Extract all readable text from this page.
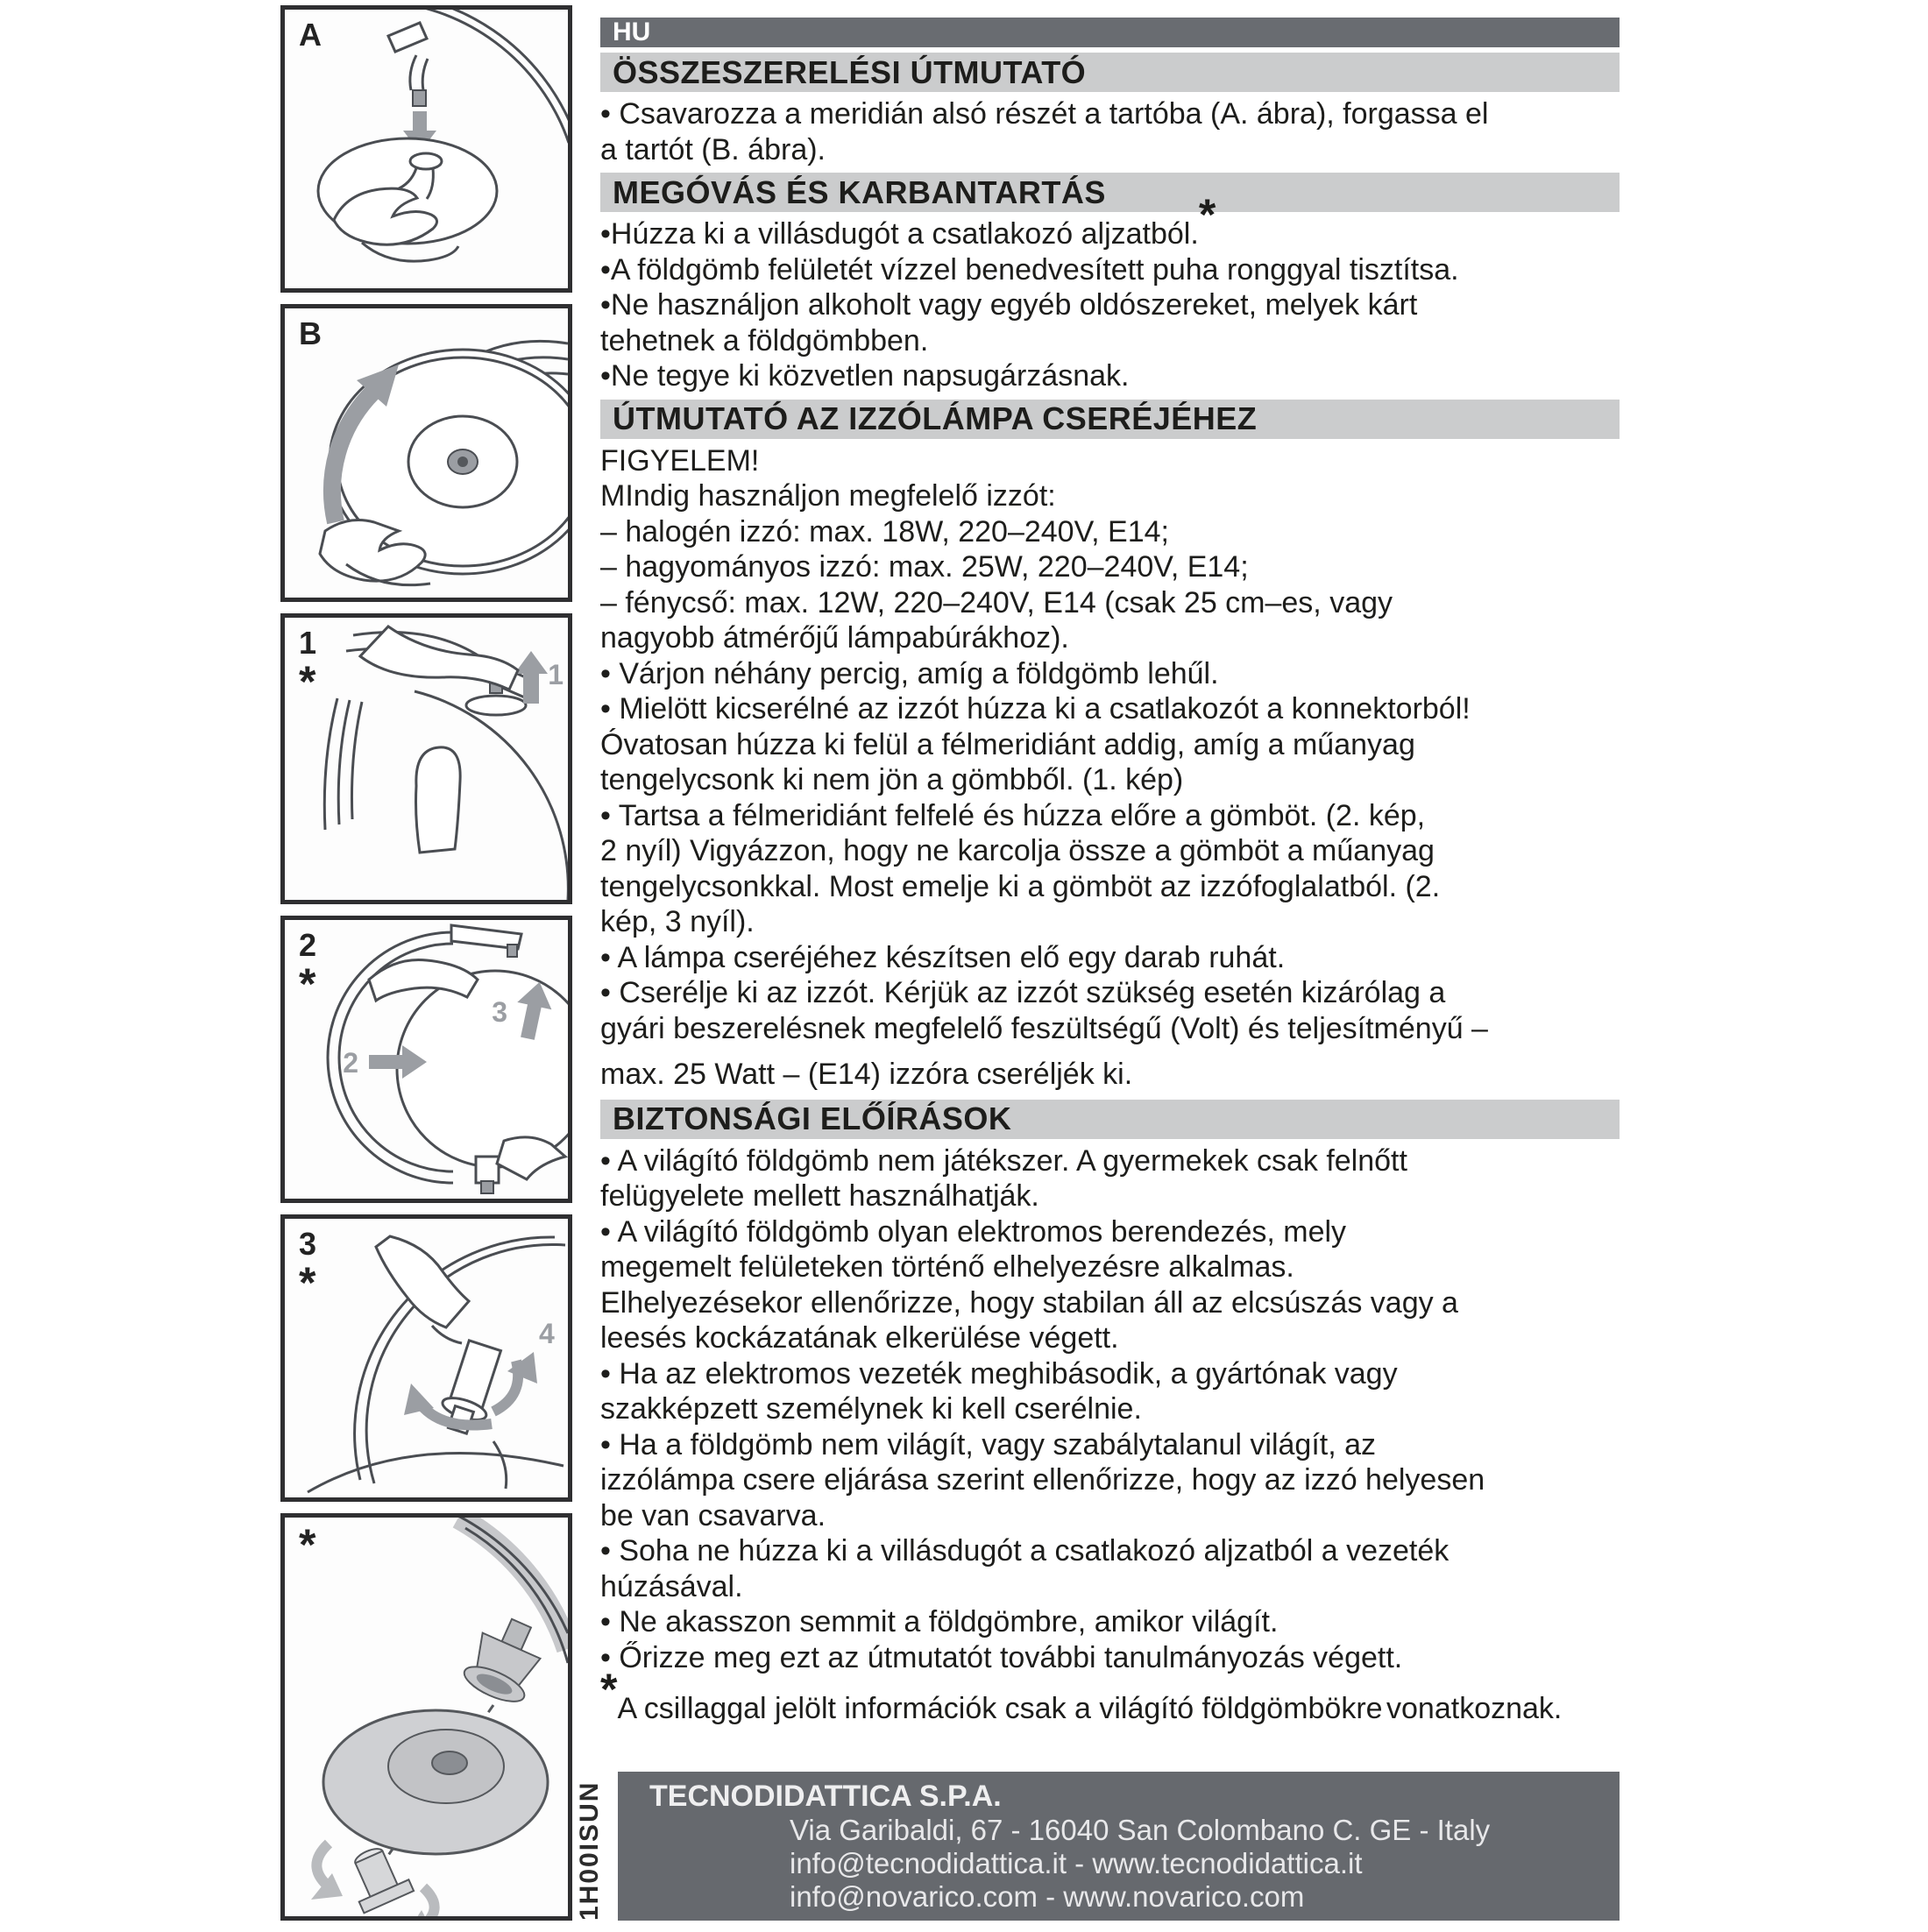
A
B
1
1
*
2
3
2
*
4
3
*
*
HU
ÖSSZESZERELÉSI ÚTMUTATÓ
• Csavarozza a meridián alsó részét a tartóba (A. ábra), forgassa el
a tartót (B. ábra).
MEGÓVÁS ÉS KARBANTARTÁS
•Húzza ki a villásdugót a csatlakozó aljzatból.*
•A földgömb felületét vízzel benedvesített puha ronggyal tisztítsa.
•Ne használjon alkoholt vagy egyéb oldószereket, melyek kárt
tehetnek a földgömbben.
•Ne tegye ki közvetlen napsugárzásnak.
ÚTMUTATÓ AZ IZZÓLÁMPA CSERÉJÉHEZ
FIGYELEM!
MIndig használjon megfelelő izzót:
– halogén izzó: max. 18W, 220–240V, E14;
– hagyományos izzó: max. 25W, 220–240V, E14;
– fénycső: max. 12W, 220–240V, E14 (csak 25 cm–es, vagy
nagyobb átmérőjű lámpabúrákhoz).
• Várjon néhány percig, amíg a földgömb lehűl.
• Mielött kicserélné az izzót húzza ki a csatlakozót a konnektorból!
Óvatosan húzza ki felül a félmeridiánt addig, amíg a műanyag
tengelycsonk ki nem jön a gömbből. (1. kép)
• Tartsa a félmeridiánt felfelé és húzza előre a gömböt. (2. kép,
2 nyíl) Vigyázzon, hogy ne karcolja össze a gömböt a műanyag
tengelycsonkkal. Most emelje ki a gömböt az izzófoglalatból. (2.
kép, 3 nyíl).
• A lámpa cseréjéhez készítsen elő egy darab ruhát.
• Cserélje ki az izzót. Kérjük az izzót szükség esetén kizárólag a
gyári beszerelésnek megfelelő feszültségű (Volt) és teljesítményű –
max. 25 Watt – (E14) izzóra cseréljék ki.
BIZTONSÁGI ELŐÍRÁSOK
• A világító földgömb nem játékszer. A gyermekek csak felnőtt
felügyelete mellett használhatják.
• A világító földgömb olyan elektromos berendezés, mely
megemelt felületeken történő elhelyezésre alkalmas.
Elhelyezésekor ellenőrizze, hogy stabilan áll az elcsúszás vagy a
leesés kockázatának elkerülése végett.
• Ha az elektromos vezeték meghibásodik, a gyártónak vagy
szakképzett személynek ki kell cserélnie.
• Ha a földgömb nem világít, vagy szabálytalanul világít, az
izzólámpa csere eljárása szerint ellenőrizze, hogy az izzó helyesen
be van csavarva.
• Soha ne húzza ki a villásdugót a csatlakozó aljzatból a vezeték
húzásával.
• Ne akasszon semmit a földgömbre, amikor világít.
• Őrizze meg ezt az útmutatót további tanulmányozás végett.
*A csillaggal jelölt információk csak a világító földgömbökre vonatkoznak.
TECNODIDATTICA S.P.A.
Via Garibaldi, 67 - 16040 San Colombano C. GE - Italy
info@tecnodidattica.it - www.tecnodidattica.it
info@novarico.com - www.novarico.com
1H00ISUN
